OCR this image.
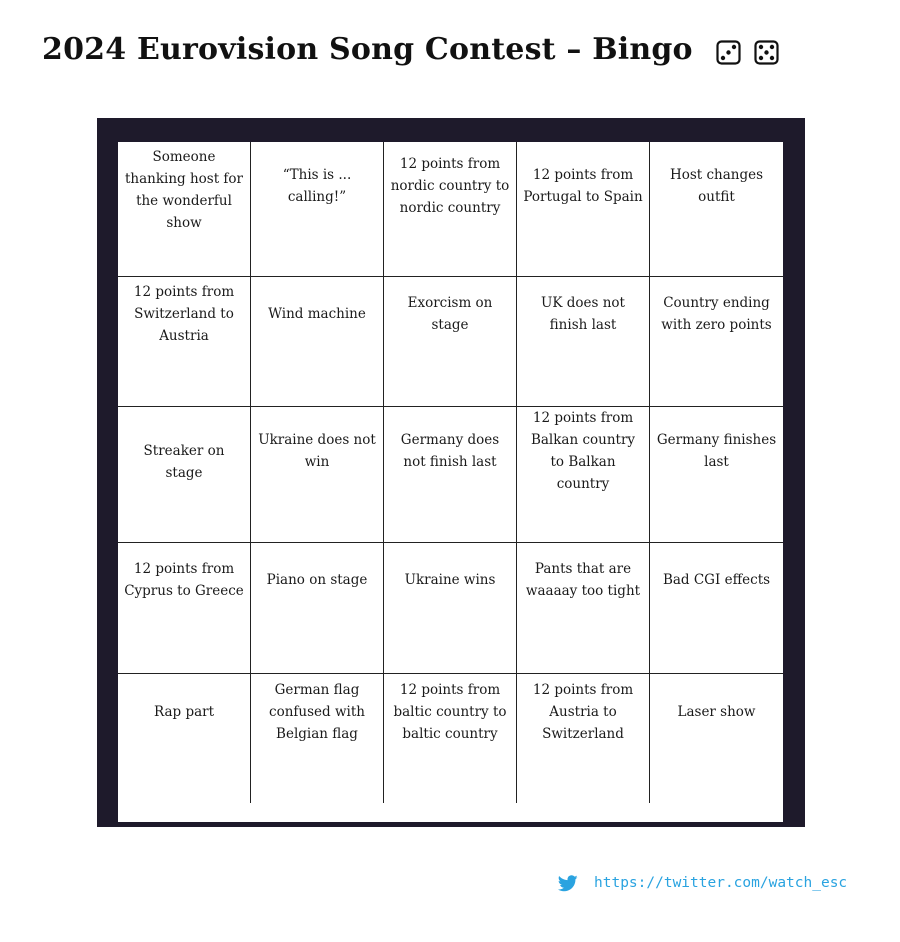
2024 Eurovision Song Contest – Bingo
Someone thanking host for the wonderful show
“This is ... calling!”
12 points from nordic country to nordic country
12 points from Portugal to Spain
Host changes outfit
12 points from Switzerland to Austria
Wind machine
Exorcism on stage
UK does not finish last
Country ending with zero points
Streaker on stage
Ukraine does not win
Germany does not finish last
12 points from Balkan country to Balkan country
Germany finishes last
12 points from Cyprus to Greece
Piano on stage	Ukraine wins
Pants that are waaaay too tight
Bad CGI effects
Rap part
German flag confused with Belgian flag
12 points from baltic country to baltic country
12 points from Austria to Switzerland
Laser show
https://twitter.com/watch_esc
